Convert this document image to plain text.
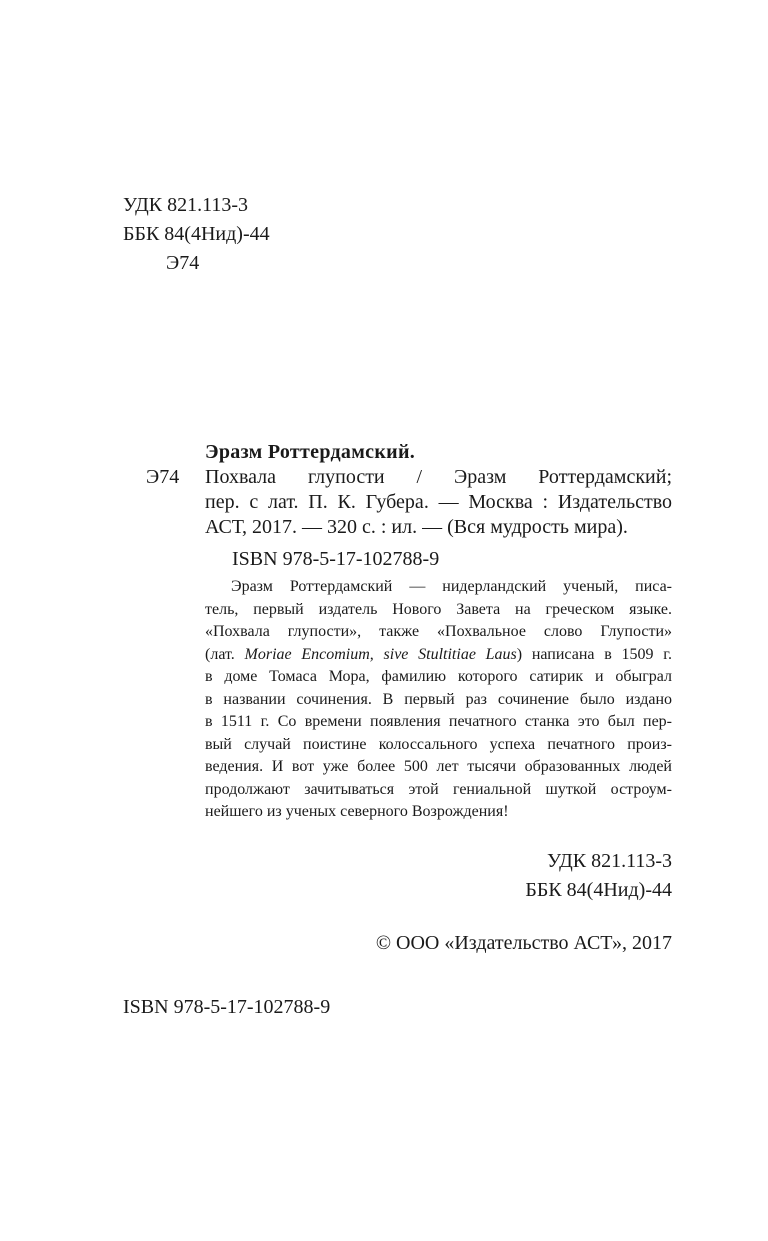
УДК 821.113-3

ББК 84(4Нид)-44

Э74

Эразм Роттердамский.

Э74 Похвала глупости / Эразм Роттердамский;
пер. с лат. П. К. Губера. — Москва : Издательство
АСТ, 2017. — 320 с. : ил. — (Вся мудрость мира).

ISBN 978-5-17-102788-9

Эразм Роттердамский — нидерландский ученый, писа-
тель, первый издатель Нового Завета на греческом языке.
«Похвала глупости», также «Похвальное слово Глупости»
(лат. Moriae Encomium, sive Stultitiae Laus) написана в 1509 г.
в доме Томаса Мора, фамилию которого сатирик и обыграл
в названии сочинения. В первый раз сочинение было издано
в 1511 г. Со времени появления печатного станка это был пер-
вый случай поистине колоссального успеха печатного произ-
ведения. И вот уже более 500 лет тысячи образованных людей
продолжают зачитываться этой гениальной шуткой остроум-
нейшего из ученых северного Возрождения!

УДК 821.113-3

ББК 84(4Нид)-44

© ООО «Издательство АСТ», 2017

ISBN 978-5-17-102788-9
